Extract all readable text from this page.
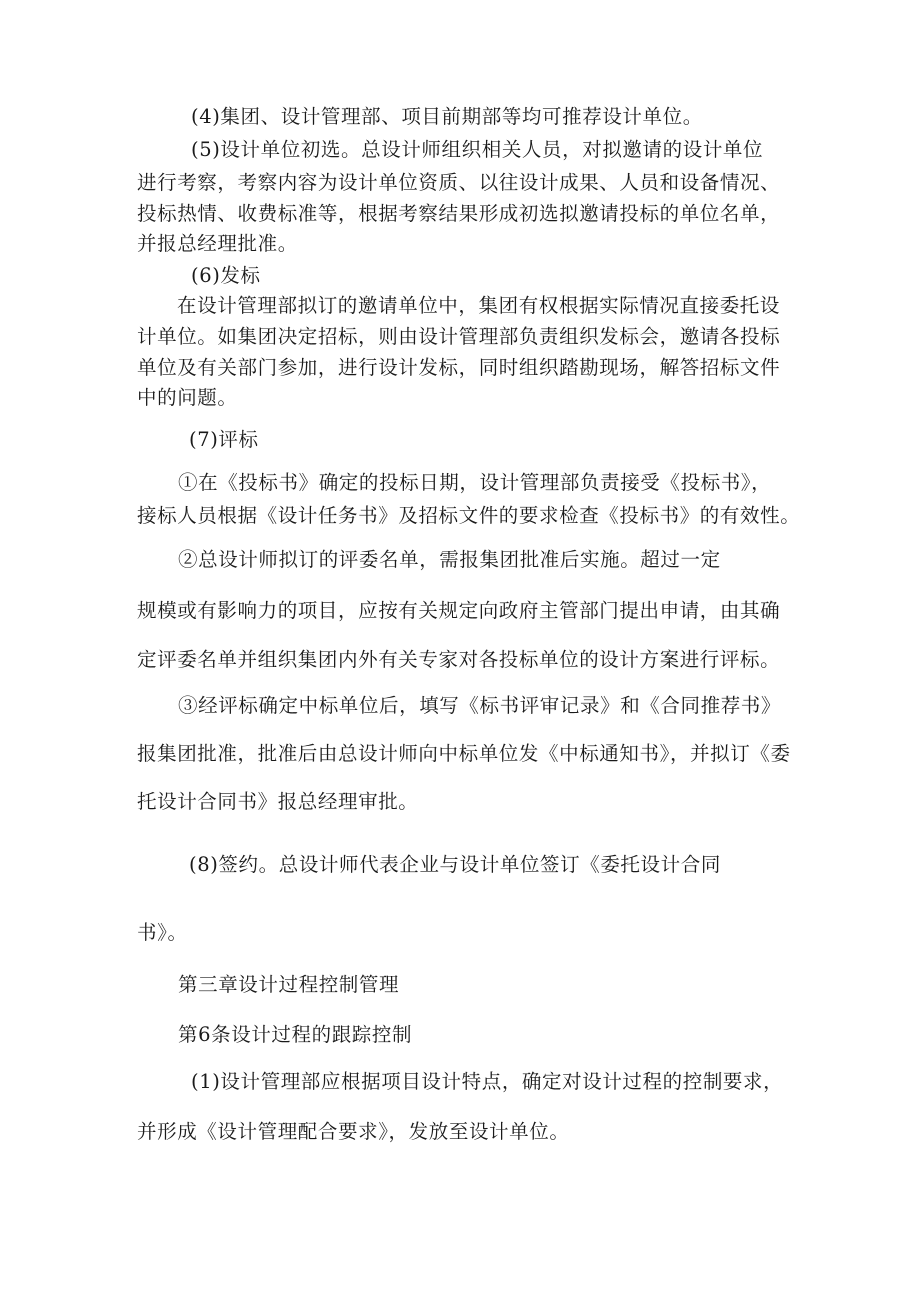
(4)集团、设计管理部、项目前期部等均可推荐设计单位。

(5)设计单位初选。总设计师组织相关人员，对拟邀请的设计单位

进行考察，考察内容为设计单位资质、以往设计成果、人员和设备情况、

投标热情、收费标准等，根据考察结果形成初选拟邀请投标的单位名单，

并报总经理批准。

(6)发标

在设计管理部拟订的邀请单位中，集团有权根据实际情况直接委托设

计单位。如集团决定招标，则由设计管理部负责组织发标会，邀请各投标

单位及有关部门参加，进行设计发标，同时组织踏勘现场，解答招标文件

中的问题。

(7)评标

①在《投标书》确定的投标日期，设计管理部负责接受《投标书》，

接标人员根据《设计任务书》及招标文件的要求检查《投标书》的有效性。

②总设计师拟订的评委名单，需报集团批准后实施。超过一定

规模或有影响力的项目，应按有关规定向政府主管部门提出申请，由其确

定评委名单并组织集团内外有关专家对各投标单位的设计方案进行评标。

③经评标确定中标单位后，填写《标书评审记录》和《合同推荐书》

报集团批准，批准后由总设计师向中标单位发《中标通知书》，并拟订《委

托设计合同书》报总经理审批。

(8)签约。总设计师代表企业与设计单位签订《委托设计合同

书》。

第三章设计过程控制管理

第6条设计过程的跟踪控制

(1)设计管理部应根据项目设计特点，确定对设计过程的控制要求，

并形成《设计管理配合要求》，发放至设计单位。
